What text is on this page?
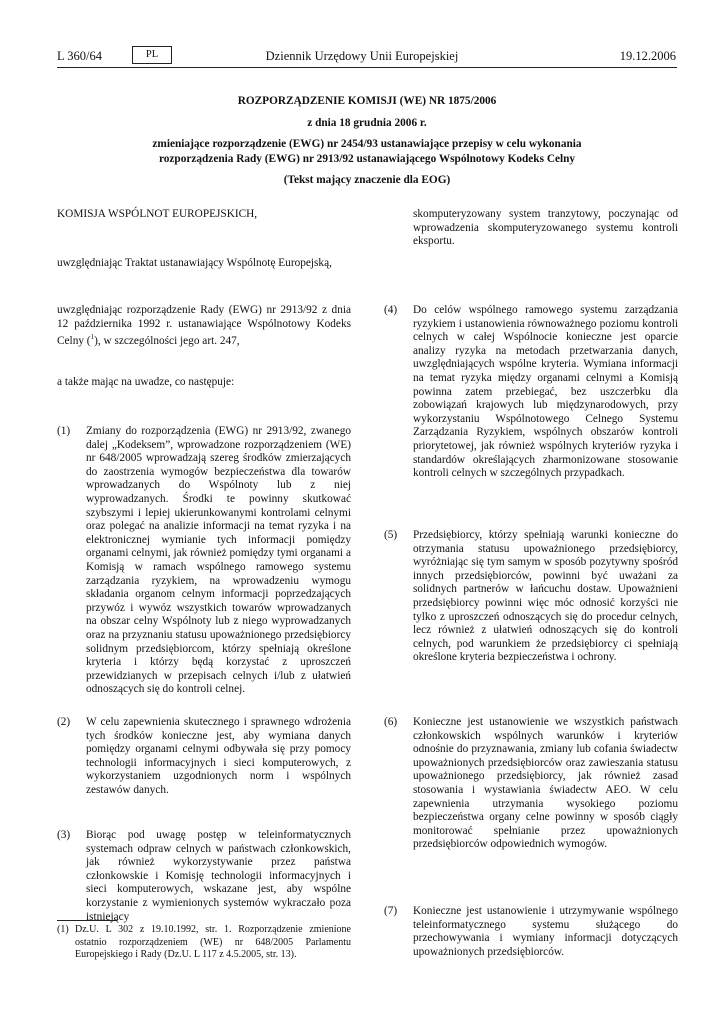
L 360/64	PL	Dziennik Urzędowy Unii Europejskiej	19.12.2006
ROZPORZĄDZENIE KOMISJI (WE) NR 1875/2006
z dnia 18 grudnia 2006 r.
zmieniające rozporządzenie (EWG) nr 2454/93 ustanawiające przepisy w celu wykonania
rozporządzenia Rady (EWG) nr 2913/92 ustanawiającego Wspólnotowy Kodeks Celny
(Tekst mający znaczenie dla EOG)
KOMISJA WSPÓLNOT EUROPEJSKICH,
uwzględniając Traktat ustanawiający Wspólnotę Europejską,
uwzględniając rozporządzenie Rady (EWG) nr 2913/92 z dnia 12 października 1992 r. ustanawiające Wspólnotowy Kodeks Celny ($^1$), w szczególności jego art. 247,
a także mając na uwadze, co następuje:
(1)	Zmiany do rozporządzenia (EWG) nr 2913/92, zwanego dalej „Kodeksem”, wprowadzone rozporządzeniem (WE) nr 648/2005 wprowadzają szereg środków zmierzających do zaostrzenia wymogów bezpieczeństwa dla towarów wprowadzanych do Wspólnoty lub z niej wyprowadzanych. Środki te powinny skutkować szybszymi i lepiej ukierunkowanymi kontrolami celnymi oraz polegać na analizie informacji na temat ryzyka i na elektronicznej wymianie tych informacji pomiędzy organami celnymi, jak również pomiędzy tymi organami a Komisją w ramach wspólnego ramowego systemu zarządzania ryzykiem, na wprowadzeniu wymogu składania organom celnym informacji poprzedzających przywóz i wywóz wszystkich towarów wprowadzanych na obszar celny Wspólnoty lub z niego wyprowadzanych oraz na przyznaniu statusu upoważnionego przedsiębiorcy solidnym przedsiębiorcom, którzy spełniają określone kryteria i którzy będą korzystać z uproszczeń przewidzianych w przepisach celnych i/lub z ułatwień odnoszących się do kontroli celnej.
(2)	W celu zapewnienia skutecznego i sprawnego wdrożenia tych środków konieczne jest, aby wymiana danych pomiędzy organami celnymi odbywała się przy pomocy technologii informacyjnych i sieci komputerowych, z wykorzystaniem uzgodnionych norm i wspólnych zestawów danych.
(3)	Biorąc pod uwagę postęp w teleinformatycznych systemach odpraw celnych w państwach członkowskich, jak również wykorzystywanie przez państwa członkowskie i Komisję technologii informacyjnych i sieci komputerowych, wskazane jest, aby wspólne korzystanie z wymienionych systemów wykraczało poza istniejący
(1) Dz.U. L 302 z 19.10.1992, str. 1. Rozporządzenie zmienione ostatnio rozporządzeniem (WE) nr 648/2005 Parlamentu Europejskiego i Rady (Dz.U. L 117 z 4.5.2005, str. 13).
skomputeryzowany system tranzytowy, poczynając od wprowadzenia skomputeryzowanego systemu kontroli eksportu.
(4)	Do celów wspólnego ramowego systemu zarządzania ryzykiem i ustanowienia równoważnego poziomu kontroli celnych w całej Wspólnocie konieczne jest oparcie analizy ryzyka na metodach przetwarzania danych, uwzględniających wspólne kryteria. Wymiana informacji na temat ryzyka między organami celnymi a Komisją powinna zatem przebiegać, bez uszczerbku dla zobowiązań krajowych lub międzynarodowych, przy wykorzystaniu Wspólnotowego Celnego Systemu Zarządzania Ryzykiem, wspólnych obszarów kontroli priorytetowej, jak również wspólnych kryteriów ryzyka i standardów określających zharmonizowane stosowanie kontroli celnych w szczególnych przypadkach.
(5)	Przedsiębiorcy, którzy spełniają warunki konieczne do otrzymania statusu upoważnionego przedsiębiorcy, wyróżniając się tym samym w sposób pozytywny spośród innych przedsiębiorców, powinni być uważani za solidnych partnerów w łańcuchu dostaw. Upoważnieni przedsiębiorcy powinni więc móc odnosić korzyści nie tylko z uproszczeń odnoszących się do procedur celnych, lecz również z ułatwień odnoszących się do kontroli celnych, pod warunkiem że przedsiębiorcy ci spełniają określone kryteria bezpieczeństwa i ochrony.
(6)	Konieczne jest ustanowienie we wszystkich państwach członkowskich wspólnych warunków i kryteriów odnośnie do przyznawania, zmiany lub cofania świadectw upoważnionych przedsiębiorców oraz zawieszania statusu upoważnionego przedsiębiorcy, jak również zasad stosowania i wystawiania świadectw AEO. W celu zapewnienia utrzymania wysokiego poziomu bezpieczeństwa organy celne powinny w sposób ciągły monitorować spełnianie przez upoważnionych przedsiębiorców odpowiednich wymogów.
(7)	Konieczne jest ustanowienie i utrzymywanie wspólnego teleinformatycznego systemu służącego do przechowywania i wymiany informacji dotyczących upoważnionych przedsiębiorców.
